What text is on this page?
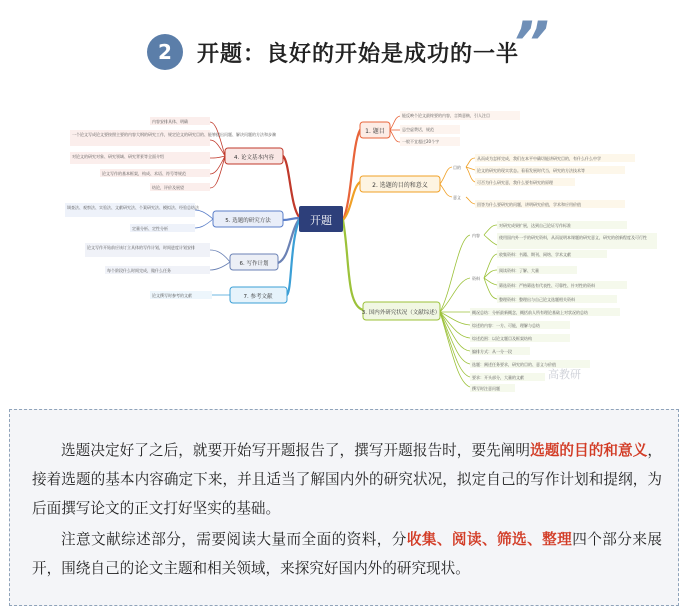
2	开题：良好的开始是成功的一半
”
开题
1. 题目
能反映个论文最终要的内容，言简意赅，引人注目
忌空虚费话，规范
一般不宜超过20个字
2. 选题的目的和意义
目的
意义
从而成为怎样完成，我们在本平中确切能讲研究目的，有什么什么中学
论文的研究的现实状态。看看发展时代当，研究的方法技术等
可否为什么研究意，我什么要有研究的原理
回答为什么要研究的问题，讲明研究价值，学术和应用价值
3. 国内外研究状况（文献综述）
内容
资料
对研究成果扩展，达到自己论证写作标准
使用国内外一手的研究资料，从而说明本课题的研究意义，研究的创新程度及可行性
收集资料：书籍、期刊、网络、学术文献
阅读资料：了解、大量
筛选资料：严格筛选有代表性、可靠性、针对性的资料
整理资料：整理出与自己论文选题相关资料
概况总结：分析最新概念，概括前人所有理论基础上对状况的总结
综述的内容：一方、可能，理解与总结
综述范围：以论文题目及框架结构
编排方式：从一分一段
选题：阐述任务要求，研究的目的、意义与价值
要求：开头部分，大量的文献
撰写时注意问题
高教研
4. 论文基本内容
内容安排具体、明确
一个论文写成论文要按照主要的内容大纲的研究工作，规定论文的研究目的、能够提出问题、解决问题的方法和步骤
对论文的研究对象、研究领域、研究背景等全面介绍
论文写作的基本框架，构成、术语、符号等规范
结论，评价及展望
5. 选题的研究方法
调查法、观察法、实验法、文献研究法、个案研究法、模拟法、经验总结法
定量分析、定性分析
6. 写作计划
论文写作开始前应该订立具体的写作计划，时间进度计划安排
每个阶段什么时间完成，做什么任务
7. 参考文献
论文撰写时参考的文献

选题决定好了之后，就要开始写开题报告了，撰写开题报告时，要先阐明选题的目的和意义，接着选题的基本内容确定下来，并且适当了解国内外的研究状况，拟定自己的写作计划和提纲，为后面撰写论文的正文打好坚实的基础。

注意文献综述部分，需要阅读大量而全面的资料，分收集、阅读、筛选、整理四个部分来展开，围绕自己的论文主题和相关领域，来探究好国内外的研究现状。
